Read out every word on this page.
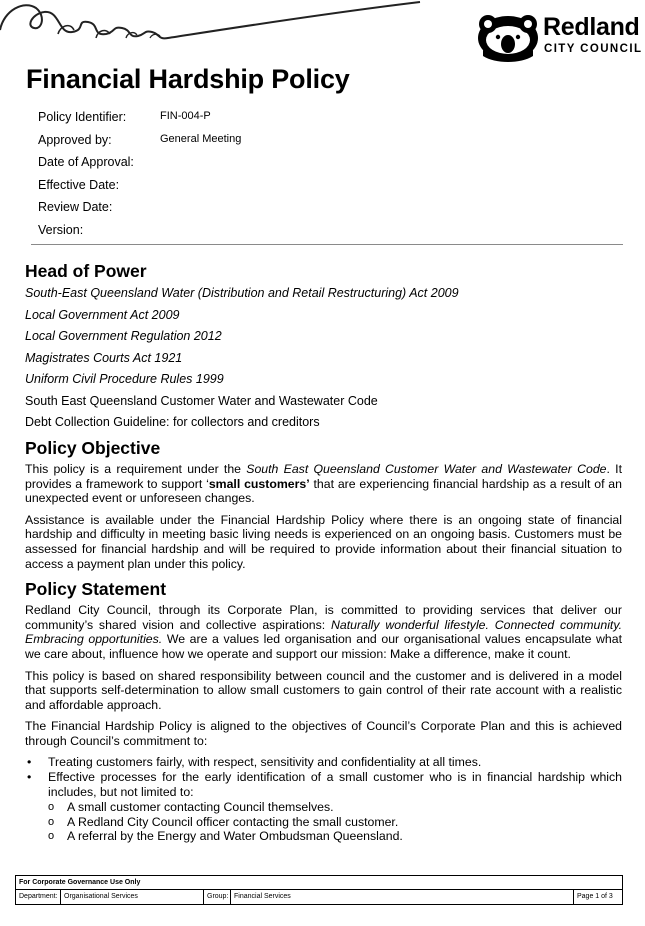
Redland
CITY COUNCIL
Financial Hardship Policy
Policy Identifier:	FIN-004-P
Approved by:	General Meeting
Date of Approval:
Effective Date:
Review Date:
Version:
Head of Power
South-East Queensland Water (Distribution and Retail Restructuring) Act 2009
Local Government Act 2009
Local Government Regulation 2012
Magistrates Courts Act 1921
Uniform Civil Procedure Rules 1999
South East Queensland Customer Water and Wastewater Code
Debt Collection Guideline: for collectors and creditors
Policy Objective

This policy is a requirement under the South East Queensland Customer Water and Wastewater Code. It provides a framework to support ‘small customers’ that are experiencing financial hardship as a result of an unexpected event or unforeseen changes.

Assistance is available under the Financial Hardship Policy where there is an ongoing state of financial hardship and difficulty in meeting basic living needs is experienced on an ongoing basis. Customers must be assessed for financial hardship and will be required to provide information about their financial situation to access a payment plan under this policy.

Policy Statement

Redland City Council, through its Corporate Plan, is committed to providing services that deliver our community’s shared vision and collective aspirations: Naturally wonderful lifestyle. Connected community. Embracing opportunities. We are a values led organisation and our organisational values encapsulate what we care about, influence how we operate and support our mission: Make a difference, make it count.

This policy is based on shared responsibility between council and the customer and is delivered in a model that supports self-determination to allow small customers to gain control of their rate account with a realistic and affordable approach.

The Financial Hardship Policy is aligned to the objectives of Council’s Corporate Plan and this is achieved through Council’s commitment to:

• Treating customers fairly, with respect, sensitivity and confidentiality at all times.
• Effective processes for the early identification of a small customer who is in financial hardship which includes, but not limited to:
o A small customer contacting Council themselves.
o A Redland City Council officer contacting the small customer.
o A referral by the Energy and Water Ombudsman Queensland.
For Corporate Governance Use Only
Department: Organisational Services	Group: Financial Services	Page 1 of 3
